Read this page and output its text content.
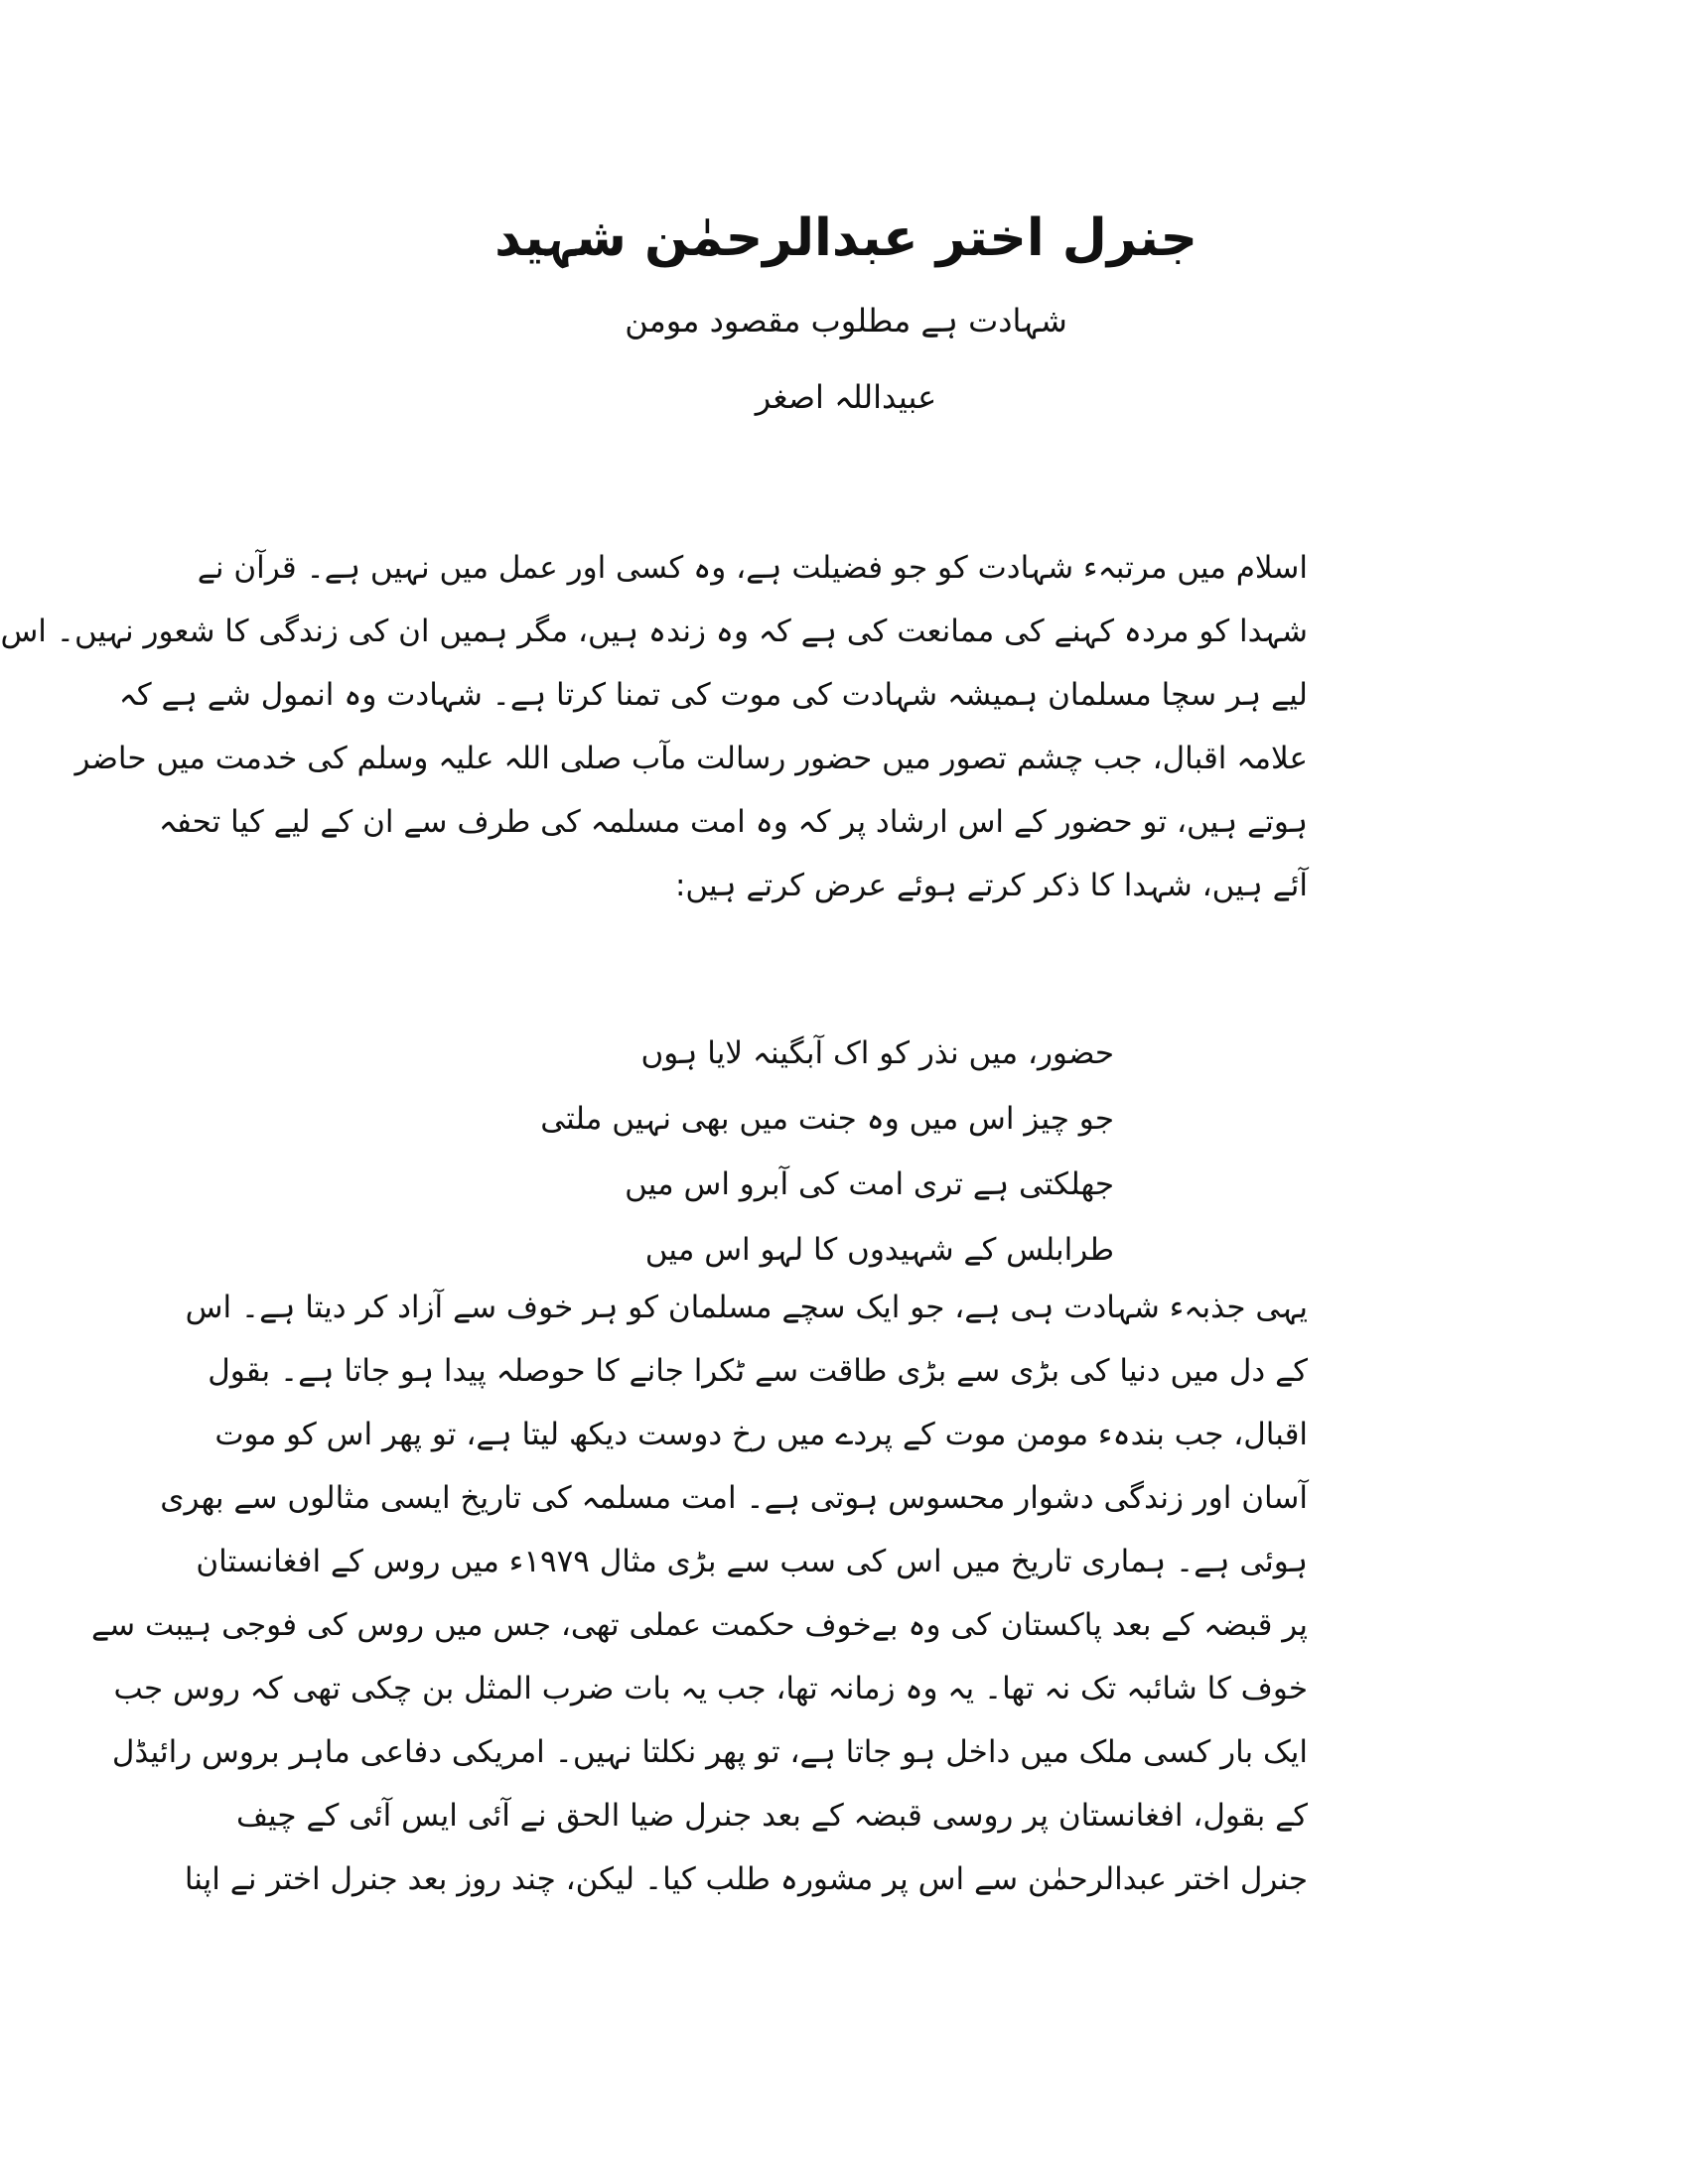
جنرل اختر عبدالرحمٰن شہید

شہادت ہے مطلوب مقصود مومن

عبیداللہ اصغر

اسلام میں مرتبہء شہادت کو جو فضیلت ہے، وہ کسی اور عمل میں نہیں ہے۔ قرآن نے
شہدا کو مردہ کہنے کی ممانعت کی ہے کہ وہ زندہ ہیں، مگر ہمیں ان کی زندگی کا شعور نہیں۔ اس
لیے ہر سچا مسلمان ہمیشہ شہادت کی موت کی تمنا کرتا ہے۔ شہادت وہ انمول شے ہے کہ
علامہ اقبال، جب چشم تصور میں حضور رسالت مآب صلی اللہ علیہ وسلم کی خدمت میں حاضر
ہوتے ہیں، تو حضور کے اس ارشاد پر کہ وہ امت مسلمہ کی طرف سے ان کے لیے کیا تحفہ
آئے ہیں، شہدا کا ذکر کرتے ہوئے عرض کرتے ہیں:
حضور، میں نذر کو اک آبگینہ لایا ہوں
جو چیز اس میں وہ جنت میں بھی نہیں ملتی
جھلکتی ہے تری امت کی آبرو اس میں
طرابلس کے شہیدوں کا لہو اس میں
یہی جذبہء شہادت ہی ہے، جو ایک سچے مسلمان کو ہر خوف سے آزاد کر دیتا ہے۔ اس
کے دل میں دنیا کی بڑی سے بڑی طاقت سے ٹکرا جانے کا حوصلہ پیدا ہو جاتا ہے۔ بقول
اقبال، جب بندہء مومن موت کے پردے میں رخ دوست دیکھ لیتا ہے، تو پھر اس کو موت
آسان اور زندگی دشوار محسوس ہوتی ہے۔ امت مسلمہ کی تاریخ ایسی مثالوں سے بھری
ہوئی ہے۔ ہماری تاریخ میں اس کی سب سے بڑی مثال ۱۹۷۹ء میں روس کے افغانستان
پر قبضہ کے بعد پاکستان کی وہ بےخوف حکمت عملی تھی، جس میں روس کی فوجی ہیبت سے
خوف کا شائبہ تک نہ تھا۔ یہ وہ زمانہ تھا، جب یہ بات ضرب المثل بن چکی تھی کہ روس جب
ایک بار کسی ملک میں داخل ہو جاتا ہے، تو پھر نکلتا نہیں۔ امریکی دفاعی ماہر بروس رائیڈل
کے بقول، افغانستان پر روسی قبضہ کے بعد جنرل ضیا الحق نے آئی ایس آئی کے چیف
جنرل اختر عبدالرحمٰن سے اس پر مشورہ طلب کیا۔ لیکن، چند روز بعد جنرل اختر نے اپنا
